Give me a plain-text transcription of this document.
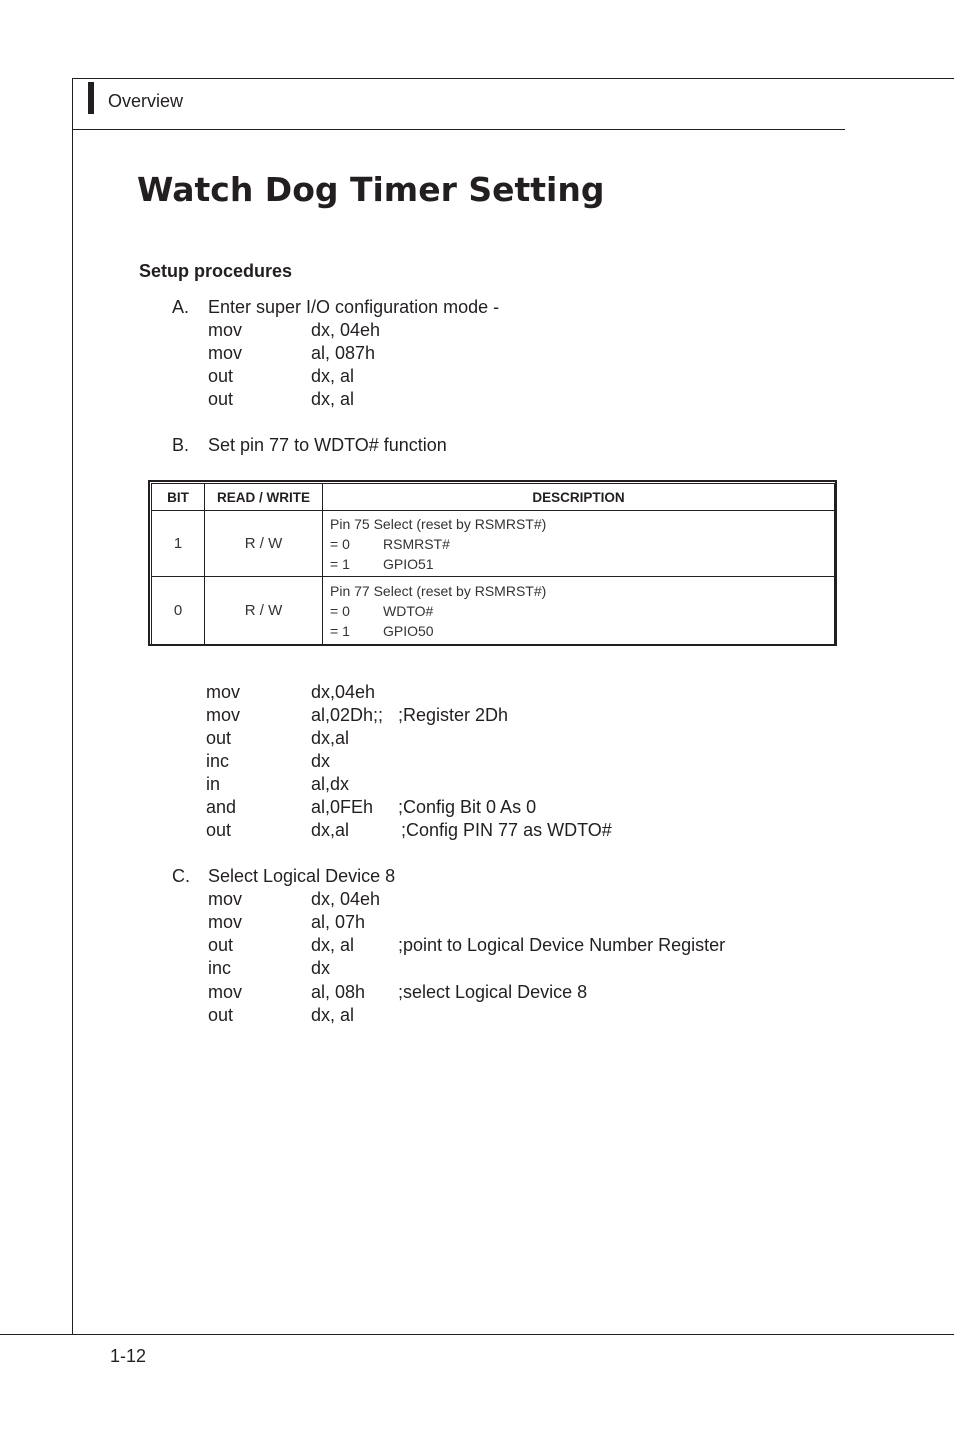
Overview
Watch Dog Timer Setting
Setup procedures
A. Enter super I/O configuration mode -
mov	dx, 04eh
mov	al, 087h
out	dx, al
out	dx, al
B. Set pin 77 to WDTO# function
BIT	READ / WRITE	DESCRIPTION
1	R / W	Pin 75 Select (reset by RSMRST#)
= 0 RSMRST#
= 1 GPIO51

0	R / W	Pin 77 Select (reset by RSMRST#)
= 0 WDTO#
= 1 GPIO50
mov	dx,04eh
mov	al,02Dh;; ;Register 2Dh
out	dx,al
inc	dx
in	al,dx
and	al,0FEh ;Config Bit 0 As 0
out	dx,al	;Config PIN 77 as WDTO#
C. Select Logical Device 8
mov	dx, 04eh
mov	al, 07h
out	dx, al ;point to Logical Device Number Register
inc	dx
mov	al, 08h ;select Logical Device 8
out	dx, al
1-12
